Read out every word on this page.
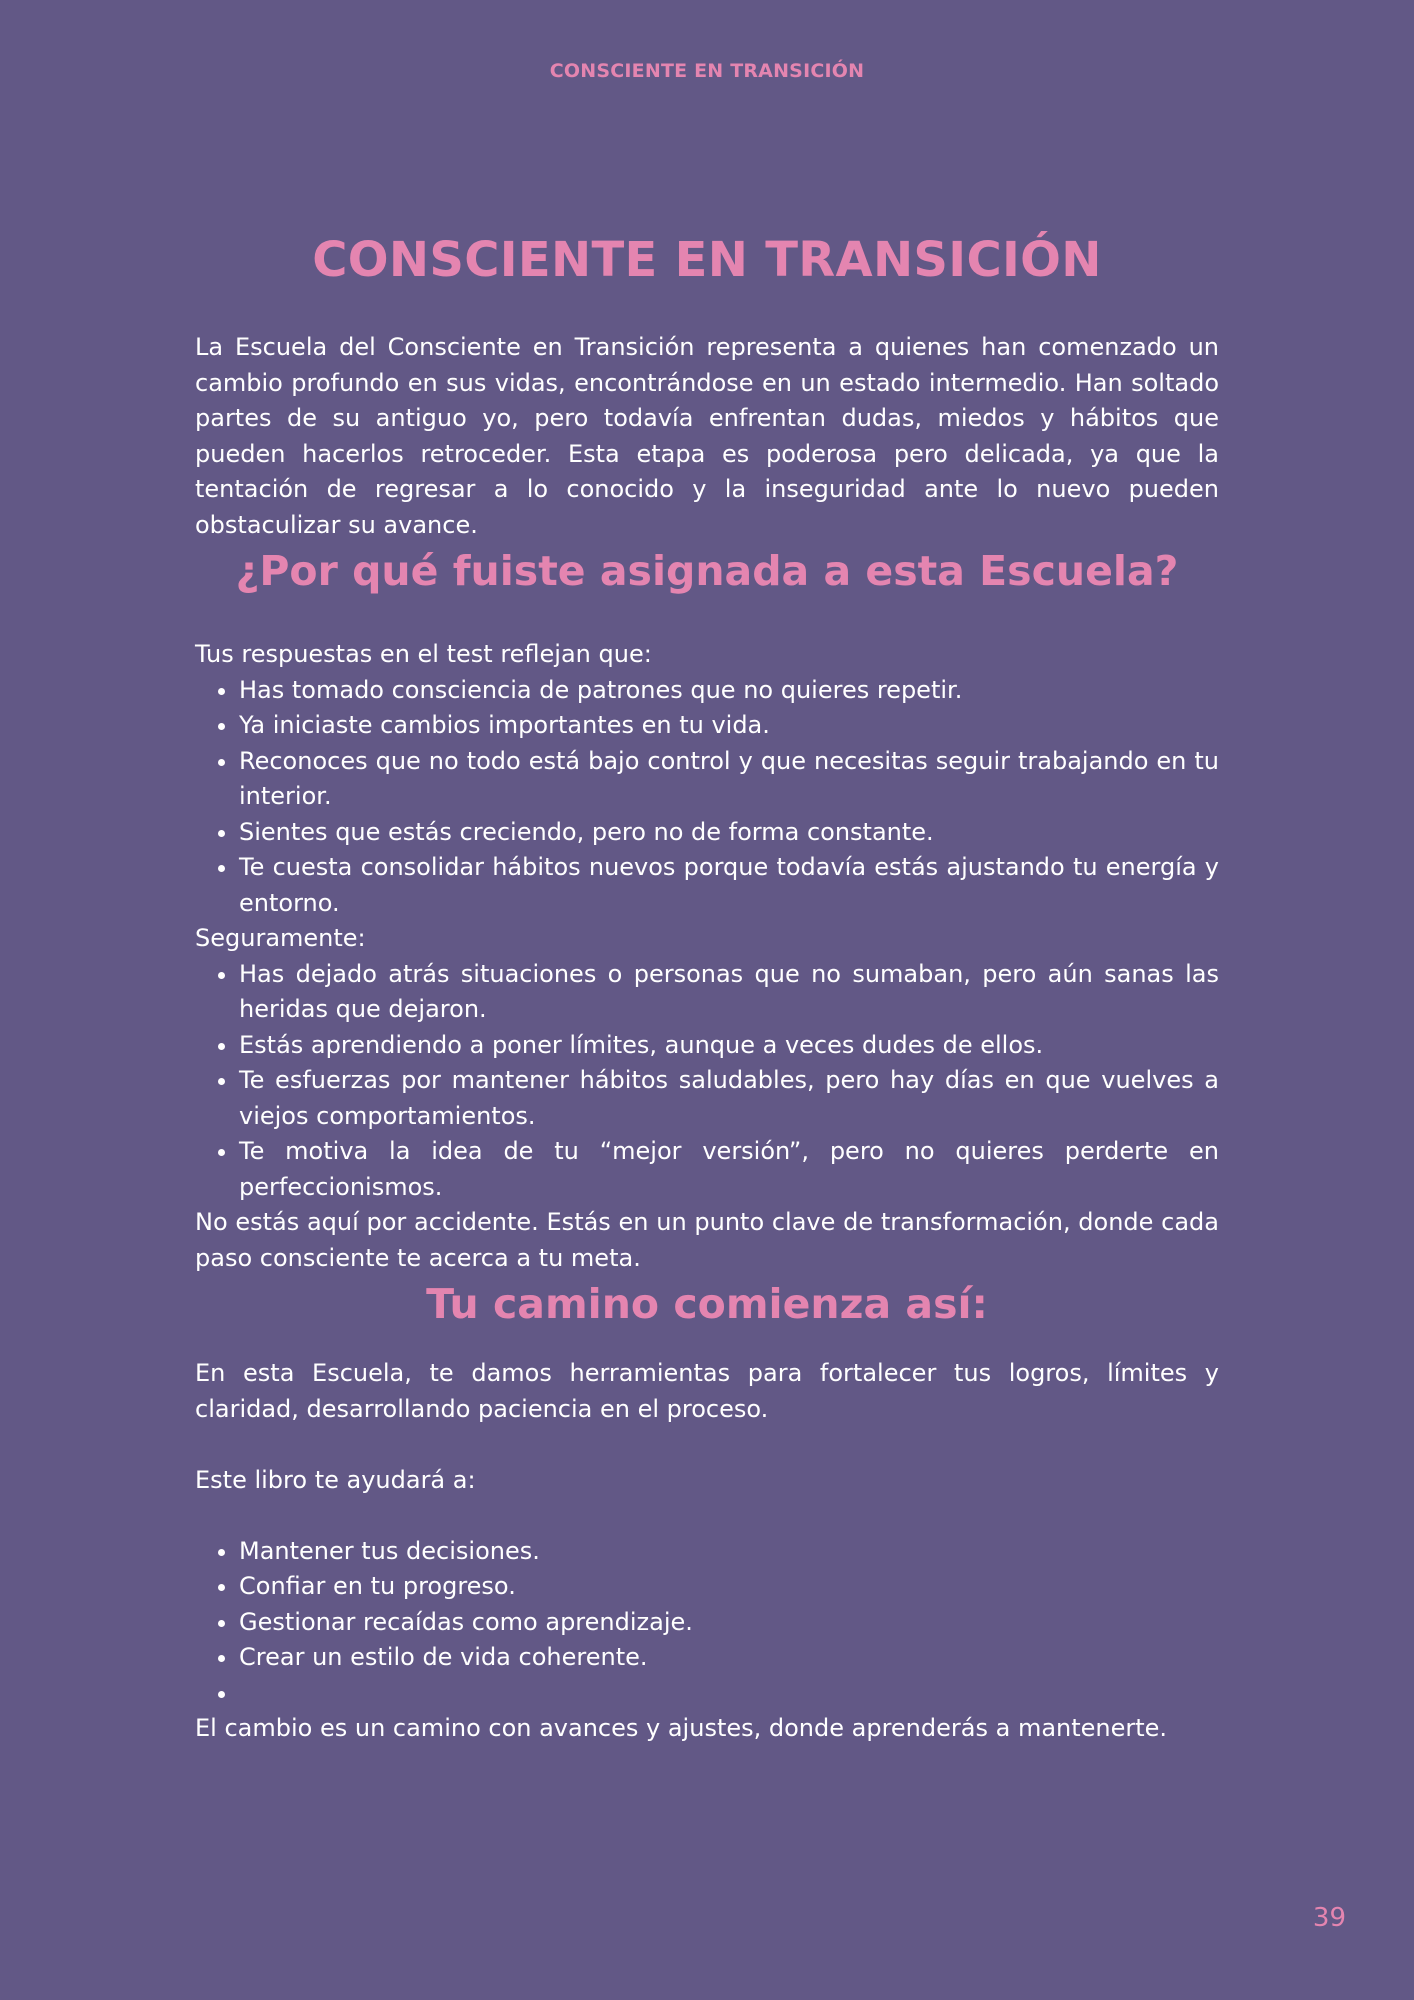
CONSCIENTE EN TRANSICIÓN
CONSCIENTE EN TRANSICIÓN

La Escuela del Consciente en Transición representa a quienes han comenzado un cambio profundo en sus vidas, encontrándose en un estado intermedio. Han soltado partes de su antiguo yo, pero todavía enfrentan dudas, miedos y hábitos que pueden hacerlos retroceder. Esta etapa es poderosa pero delicada, ya que la tentación de regresar a lo conocido y la inseguridad ante lo nuevo pueden obstaculizar su avance.

¿Por qué fuiste asignada a esta Escuela?

Tus respuestas en el test reflejan que:

• Has tomado consciencia de patrones que no quieres repetir.
• Ya iniciaste cambios importantes en tu vida.
• Reconoces que no todo está bajo control y que necesitas seguir trabajando en tu interior.
• Sientes que estás creciendo, pero no de forma constante.
• Te cuesta consolidar hábitos nuevos porque todavía estás ajustando tu energía y entorno.

Seguramente:

• Has dejado atrás situaciones o personas que no sumaban, pero aún sanas las heridas que dejaron.
• Estás aprendiendo a poner límites, aunque a veces dudes de ellos.
• Te esfuerzas por mantener hábitos saludables, pero hay días en que vuelves a viejos comportamientos.
• Te motiva la idea de tu “mejor versión”, pero no quieres perderte en perfeccionismos.

No estás aquí por accidente. Estás en un punto clave de transformación, donde cada paso consciente te acerca a tu meta.

Tu camino comienza así:

En esta Escuela, te damos herramientas para fortalecer tus logros, límites y claridad, desarrollando paciencia en el proceso.

Este libro te ayudará a:

• Mantener tus decisiones.
• Confiar en tu progreso.
• Gestionar recaídas como aprendizaje.
• Crear un estilo de vida coherente.
•

El cambio es un camino con avances y ajustes, donde aprenderás a mantenerte.

39
